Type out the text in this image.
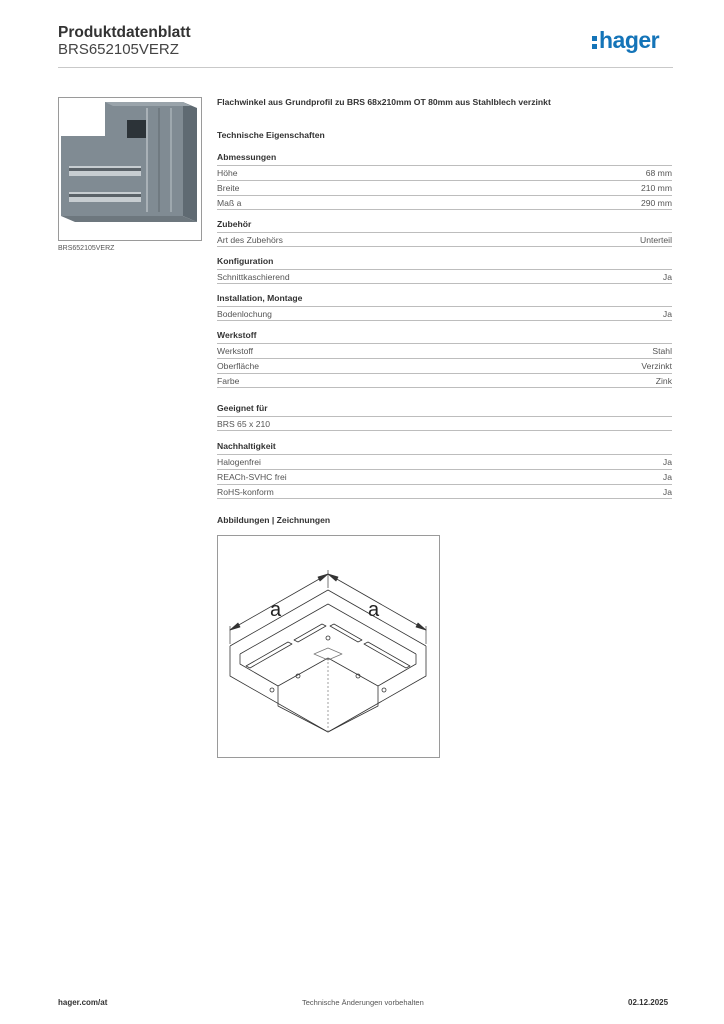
Produktdatenblatt
BRS652105VERZ	hager
BRS652105VERZ
Flachwinkel aus Grundprofil zu BRS 68x210mm OT 80mm aus Stahlblech verzinkt
Technische Eigenschaften
Abmessungen
Höhe	68 mm
Breite	210 mm
Maß a	290 mm
Zubehör
Art des Zubehörs	Unterteil
Konfiguration
Schnittkaschierend	Ja
Installation, Montage
Bodenlochung	Ja
Werkstoff
Werkstoff	Stahl
Oberfläche	Verzinkt
Farbe	Zink
Geeignet für
BRS 65 x 210
Nachhaltigkeit
Halogenfrei	Ja
REACh-SVHC frei	Ja
RoHS-konform	Ja
Abbildungen | Zeichnungen
a	a
hager.com/at	Technische Änderungen vorbehalten	02.12.2025
